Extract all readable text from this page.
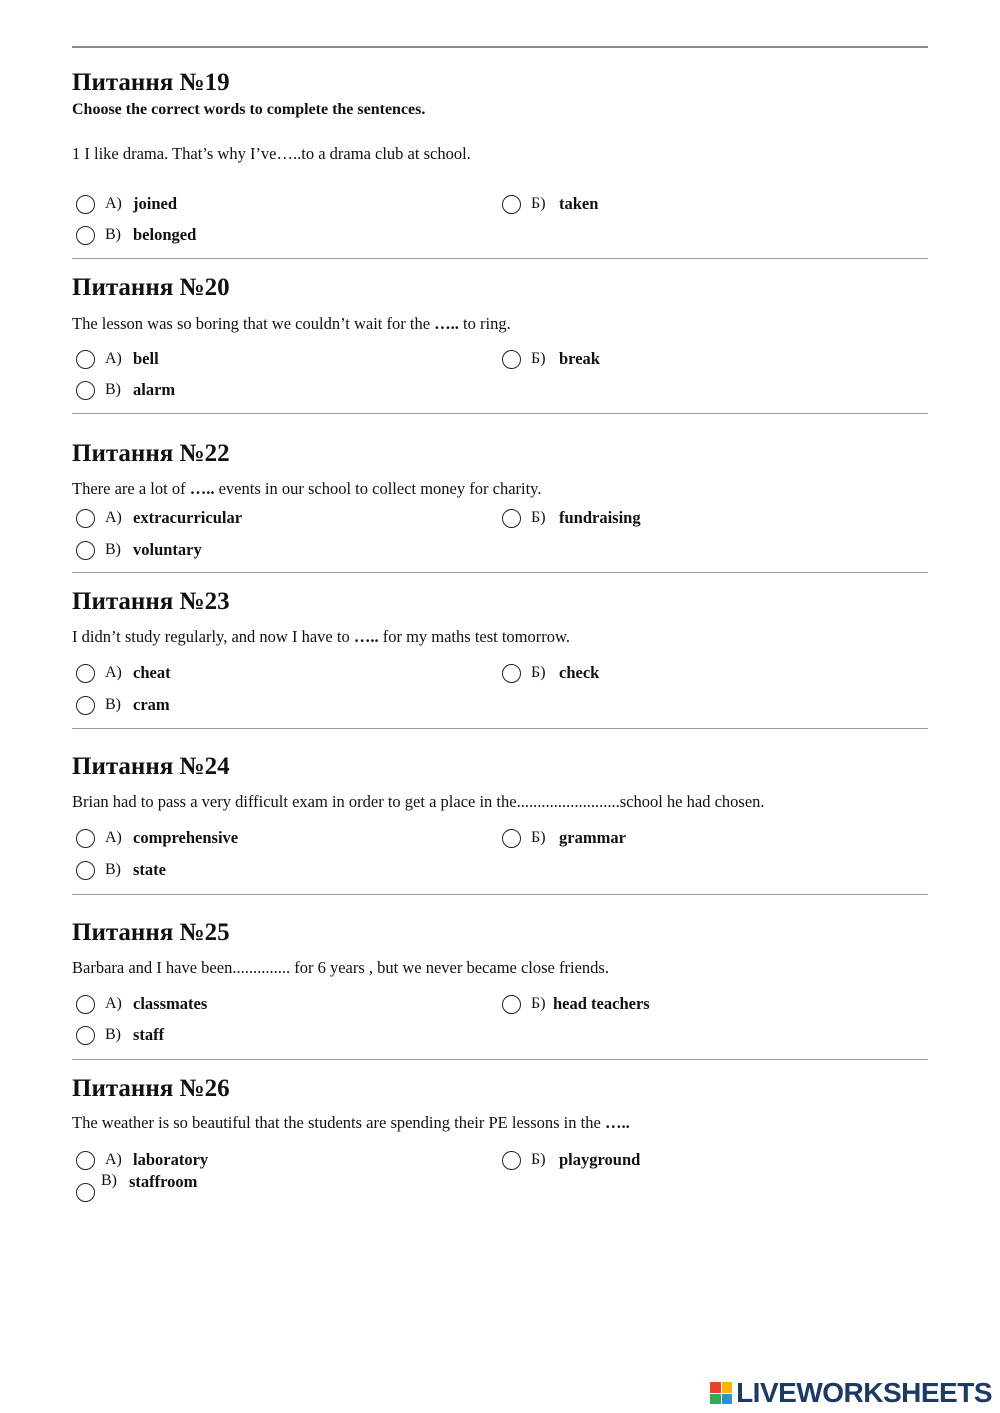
Питання №19
Choose the correct words to complete the sentences.
1 I like drama. That’s why I’ve…..to a drama club at school.
А) joined	Б) taken
В) belonged
Питання №20
The lesson was so boring that we couldn’t wait for the ….. to ring.
А) bell	Б) break
В) alarm
Питання №22
There are a lot of ….. events in our school to collect money for charity.
А) extracurricular	Б) fundraising
В) voluntary
Питання №23
I didn’t study regularly, and now I have to ….. for my maths test tomorrow.
А) cheat	Б) check
В) cram
Питання №24
Brian had to pass a very difficult exam in order to get a place in the.........................school he had chosen.
А) comprehensive	Б) grammar
В) state
Питання №25
Barbara and I have been.............. for 6 years , but we never became close friends.
А) classmates	Б) head teachers
В) staff
Питання №26
The weather is so beautiful that the students are spending their PE lessons in the …..
А) laboratory	Б) playground
В) staffroom
LIVEWORKSHEETS
